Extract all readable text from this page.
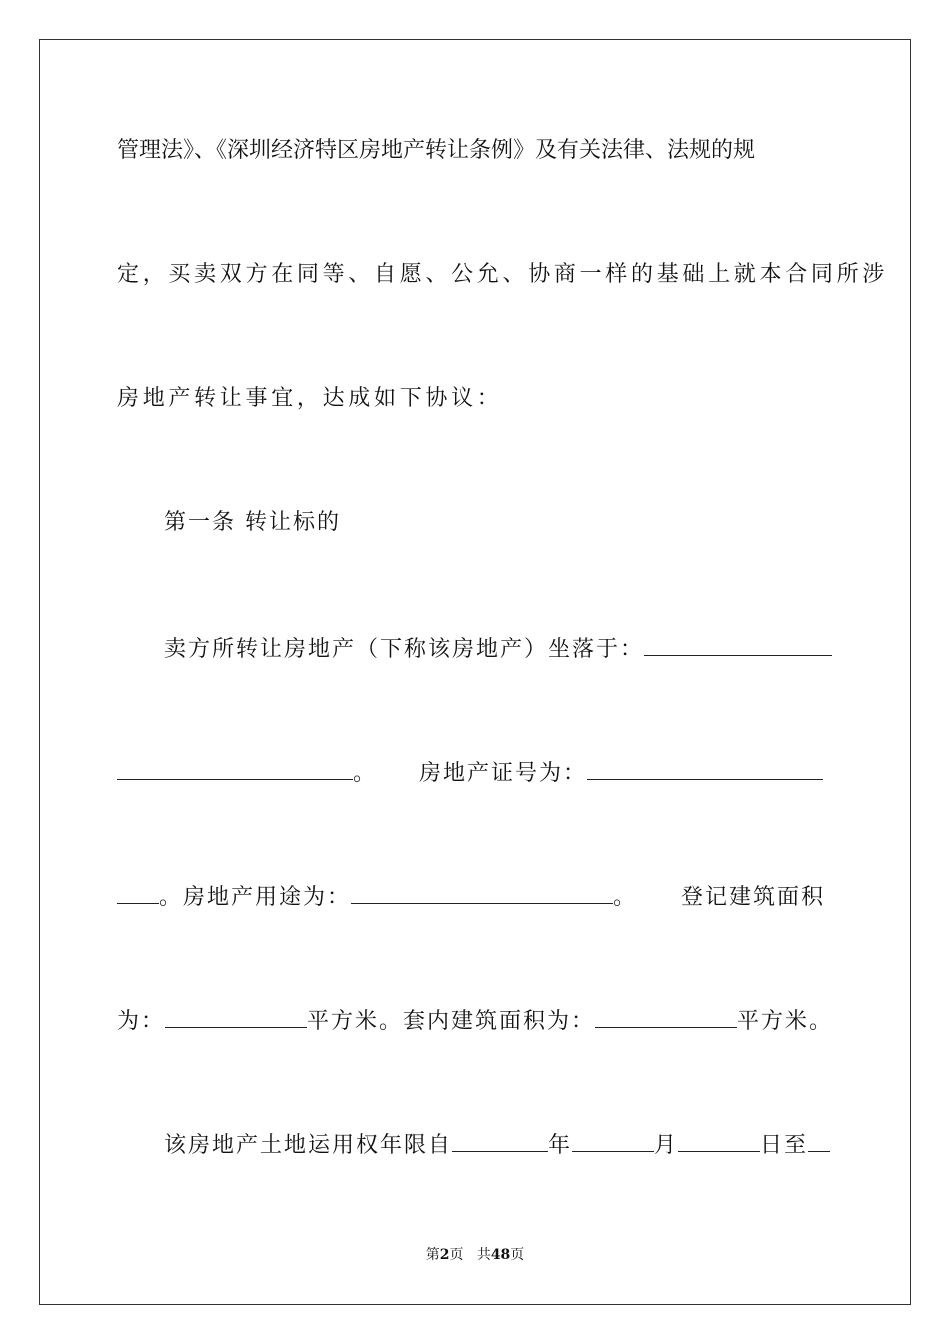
管理法》、《深圳经济特区房地产转让条例》及有关法律、法规的规
定，买卖双方在同等、自愿、公允、协商一样的基础上就本合同所涉
房地产转让事宜，达成如下协议：
第一条 转让标的
卖方所转让房地产（下称该房地产）坐落于：
。 房地产证号为：
。房地产用途为：	。 登记建筑面积
为：	平方米。套内建筑面积为：	平方米。
该房地产土地运用权年限自	年	月	日至
第2页 共48页
